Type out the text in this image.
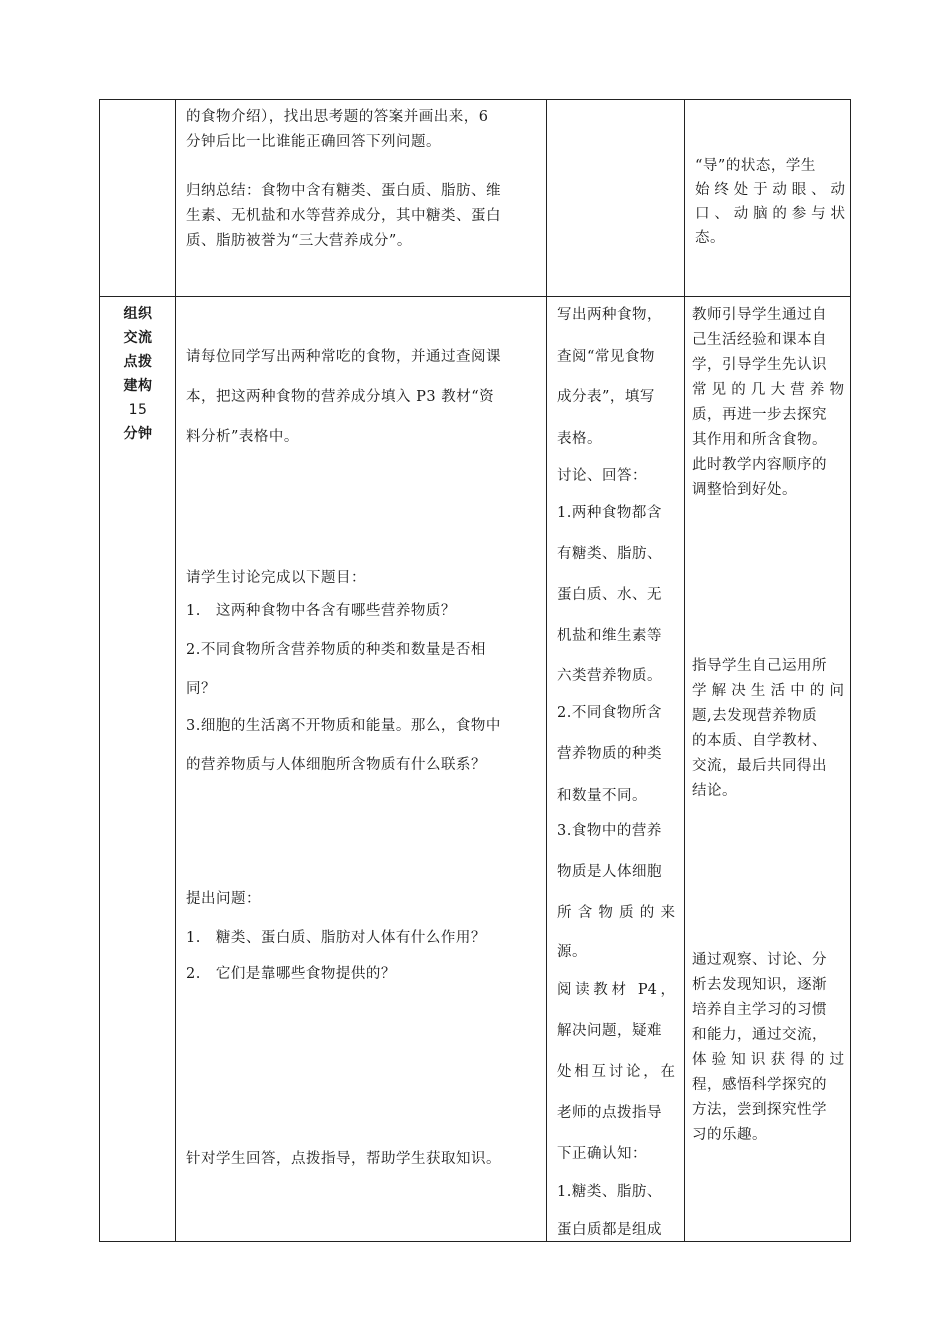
的食物介绍），找出思考题的答案并画出来，6
分钟后比一比谁能正确回答下列问题。
归纳总结：食物中含有糖类、蛋白质、脂肪、维
生素、无机盐和水等营养成分，其中糖类、蛋白
质、脂肪被誉为“三大营养成分”。
“导”的状态，学生
始终处于动眼、动
口、动脑的参与状
态。
组织
交流
点拨
建构
15
分钟
请每位同学写出两种常吃的食物，并通过查阅课
本，把这两种食物的营养成分填入 P3 教材“资
料分析”表格中。
请学生讨论完成以下题目：
1.　这两种食物中各含有哪些营养物质？
2.不同食物所含营养物质的种类和数量是否相
同？
3.细胞的生活离不开物质和能量。那么，食物中
的营养物质与人体细胞所含物质有什么联系？
提出问题：
1.　糖类、蛋白质、脂肪对人体有什么作用？
2.　它们是靠哪些食物提供的？
针对学生回答，点拨指导，帮助学生获取知识。
写出两种食物，
查阅“常见食物
成分表”，填写
表格。
讨论、回答：
1.两种食物都含
有糖类、脂肪、
蛋白质、水、无
机盐和维生素等
六类营养物质。
2.不同食物所含
营养物质的种类
和数量不同。
3.食物中的营养
物质是人体细胞
所含物质的来
源。
阅读教材 P4，
解决问题，疑难
处相互讨论，在
老师的点拨指导
下正确认知：
1.糖类、脂肪、
蛋白质都是组成
教师引导学生通过自
己生活经验和课本自
学，引导学生先认识
常见的几大营养物
质，再进一步去探究
其作用和所含食物。
此时教学内容顺序的
调整恰到好处。
指导学生自己运用所
学解决生活中的问
题,去发现营养物质
的本质、自学教材、
交流，最后共同得出
结论。
通过观察、讨论、分
析去发现知识，逐渐
培养自主学习的习惯
和能力，通过交流，
体验知识获得的过
程，感悟科学探究的
方法，尝到探究性学
习的乐趣。
